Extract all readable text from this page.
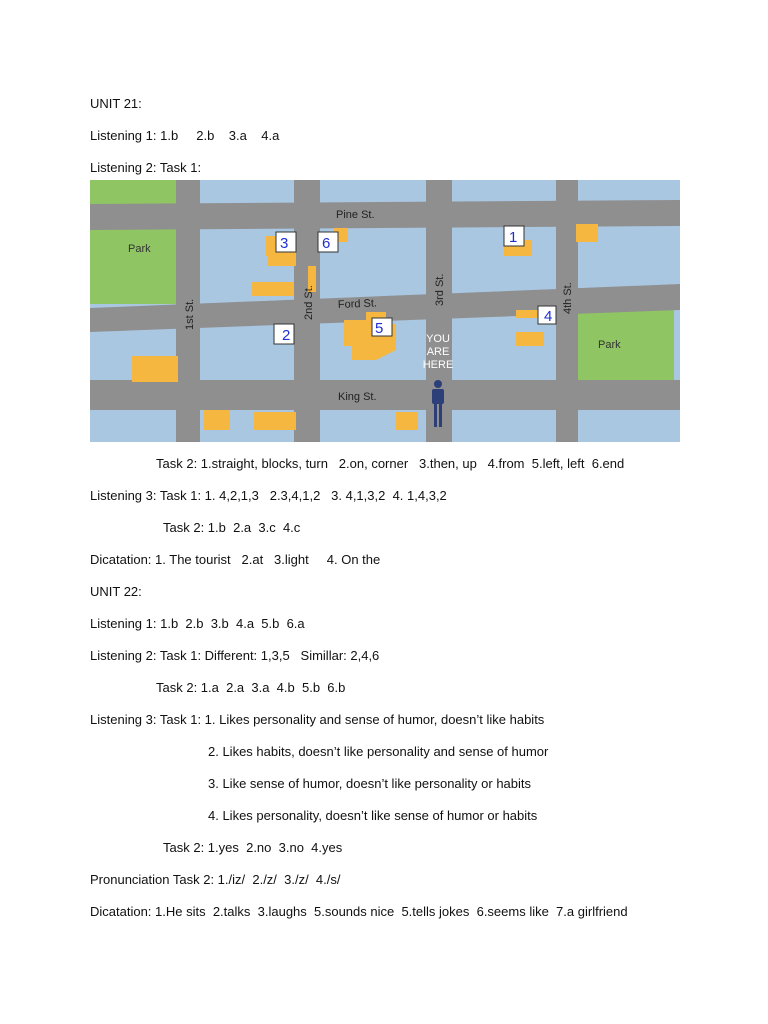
UNIT 21:
Listening 1: 1.b     2.b    3.a    4.a
Listening 2: Task 1:
Park
Park
Pine St.
Ford St.
King St.
1st St.	2nd St.	3rd St.	4th St.
1
2
3
4
5
6
YOU
ARE
HERE
Task 2: 1.straight, blocks, turn   2.on, corner   3.then, up   4.from  5.left, left  6.end
Listening 3: Task 1: 1. 4,2,1,3   2.3,4,1,2   3. 4,1,3,2  4. 1,4,3,2
Task 2: 1.b  2.a  3.c  4.c
Dicatation: 1. The tourist   2.at   3.light     4. On the
UNIT 22:
Listening 1: 1.b  2.b  3.b  4.a  5.b  6.a
Listening 2: Task 1: Different: 1,3,5   Simillar: 2,4,6
Task 2: 1.a  2.a  3.a  4.b  5.b  6.b
Listening 3: Task 1: 1. Likes personality and sense of humor, doesn’t like habits
2. Likes habits, doesn’t like personality and sense of humor
3. Like sense of humor, doesn’t like personality or habits
4. Likes personality, doesn’t like sense of humor or habits
Task 2: 1.yes  2.no  3.no  4.yes
Pronunciation Task 2: 1./iz/  2./z/  3./z/  4./s/
Dicatation: 1.He sits  2.talks  3.laughs  5.sounds nice  5.tells jokes  6.seems like  7.a girlfriend
